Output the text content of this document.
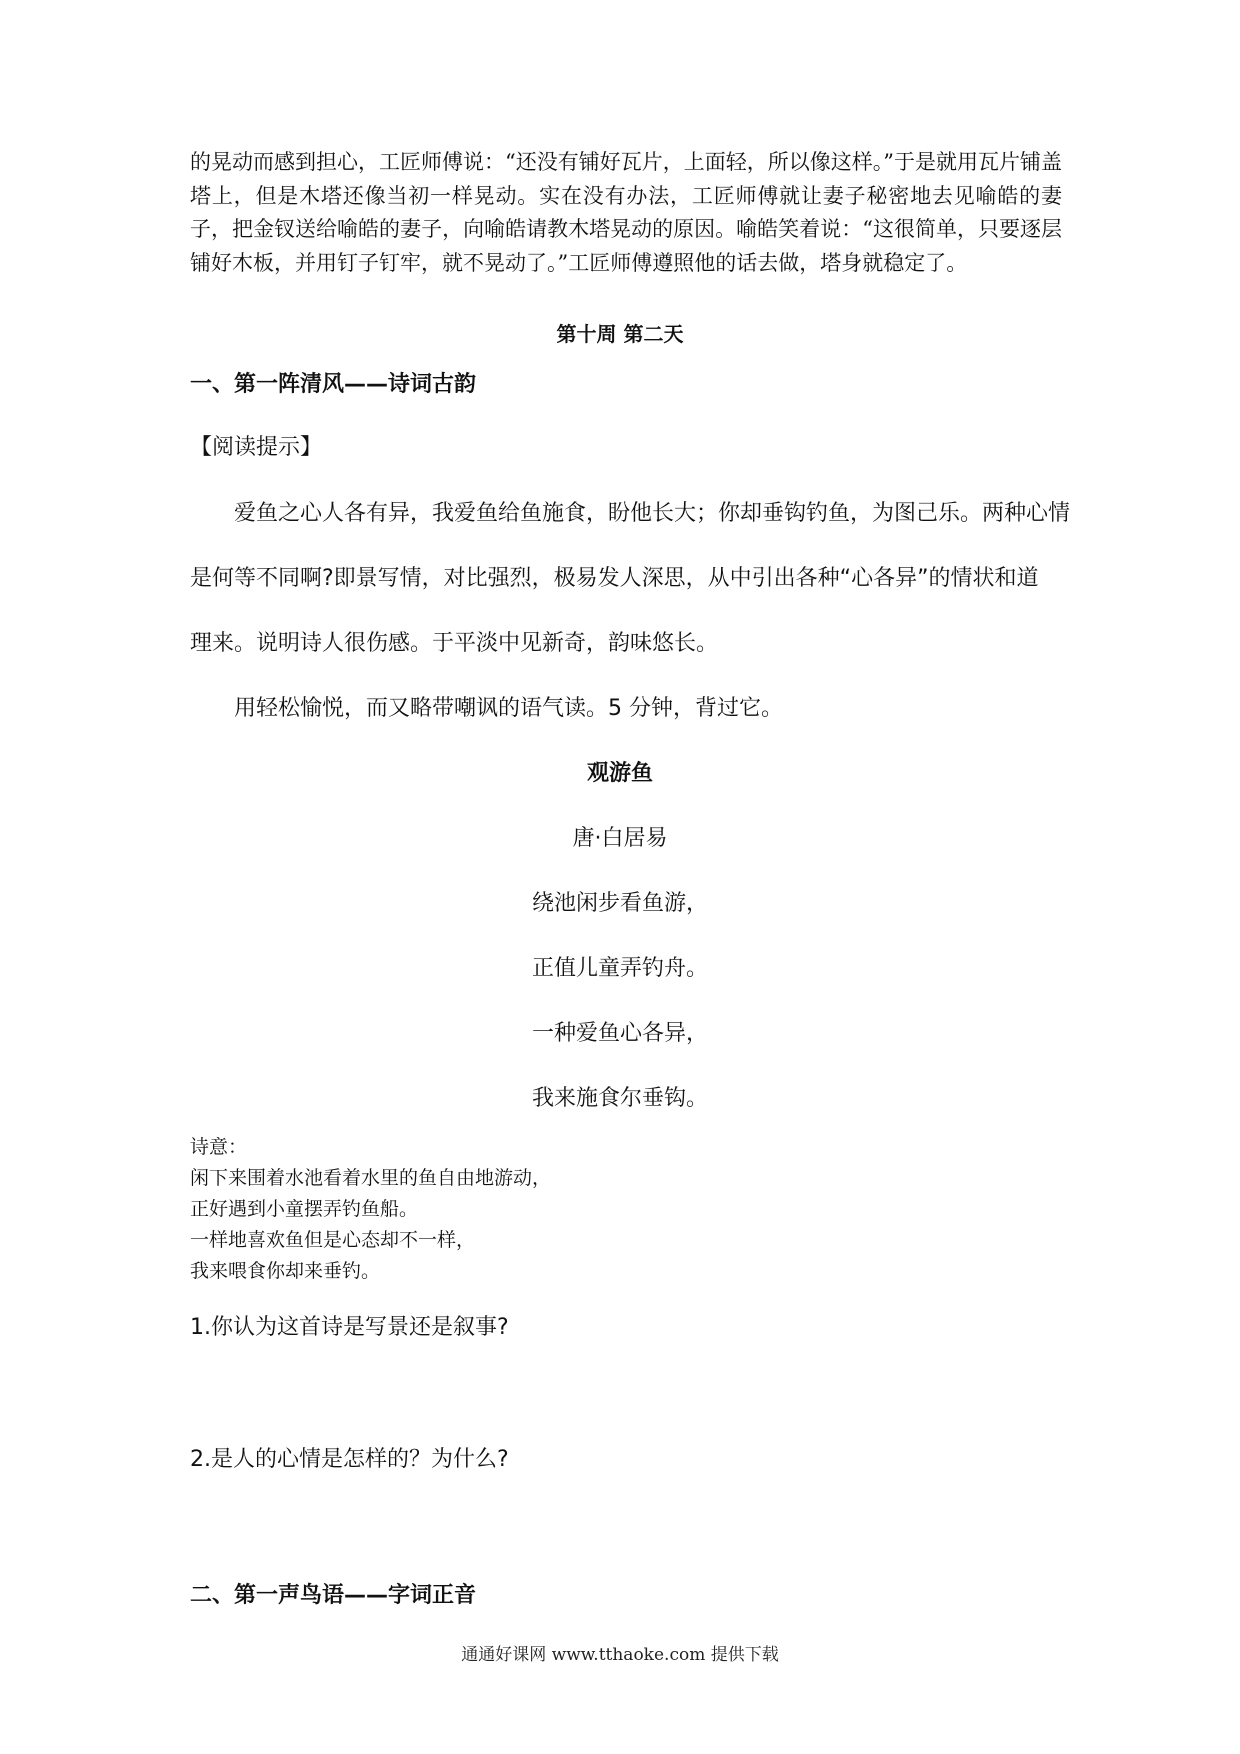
的晃动而感到担心，工匠师傅说：“还没有铺好瓦片，上面轻，所以像这样。”于是就用瓦片铺盖塔上，但是木塔还像当初一样晃动。实在没有办法，工匠师傅就让妻子秘密地去见喻皓的妻子，把金钗送给喻皓的妻子，向喻皓请教木塔晃动的原因。喻皓笑着说：“这很简单，只要逐层铺好木板，并用钉子钉牢，就不晃动了。”工匠师傅遵照他的话去做，塔身就稳定了。
第十周 第二天
一、第一阵清风——诗词古韵
【阅读提示】
爱鱼之心人各有异，我爱鱼给鱼施食，盼他长大；你却垂钩钓鱼，为图己乐。两种心情
是何等不同啊?即景写情，对比强烈，极易发人深思，从中引出各种“心各异”的情状和道
理来。说明诗人很伤感。于平淡中见新奇，韵味悠长。
用轻松愉悦，而又略带嘲讽的语气读。5 分钟，背过它。
观游鱼
唐·白居易
绕池闲步看鱼游，
正值儿童弄钓舟。
一种爱鱼心各异，
我来施食尔垂钩。
诗意：
闲下来围着水池看着水里的鱼自由地游动，
正好遇到小童摆弄钓鱼船。
一样地喜欢鱼但是心态却不一样，
我来喂食你却来垂钓。
1.你认为这首诗是写景还是叙事?
2.是人的心情是怎样的？为什么?
二、第一声鸟语——字词正音
通通好课网 www.tthaoke.com 提供下载
